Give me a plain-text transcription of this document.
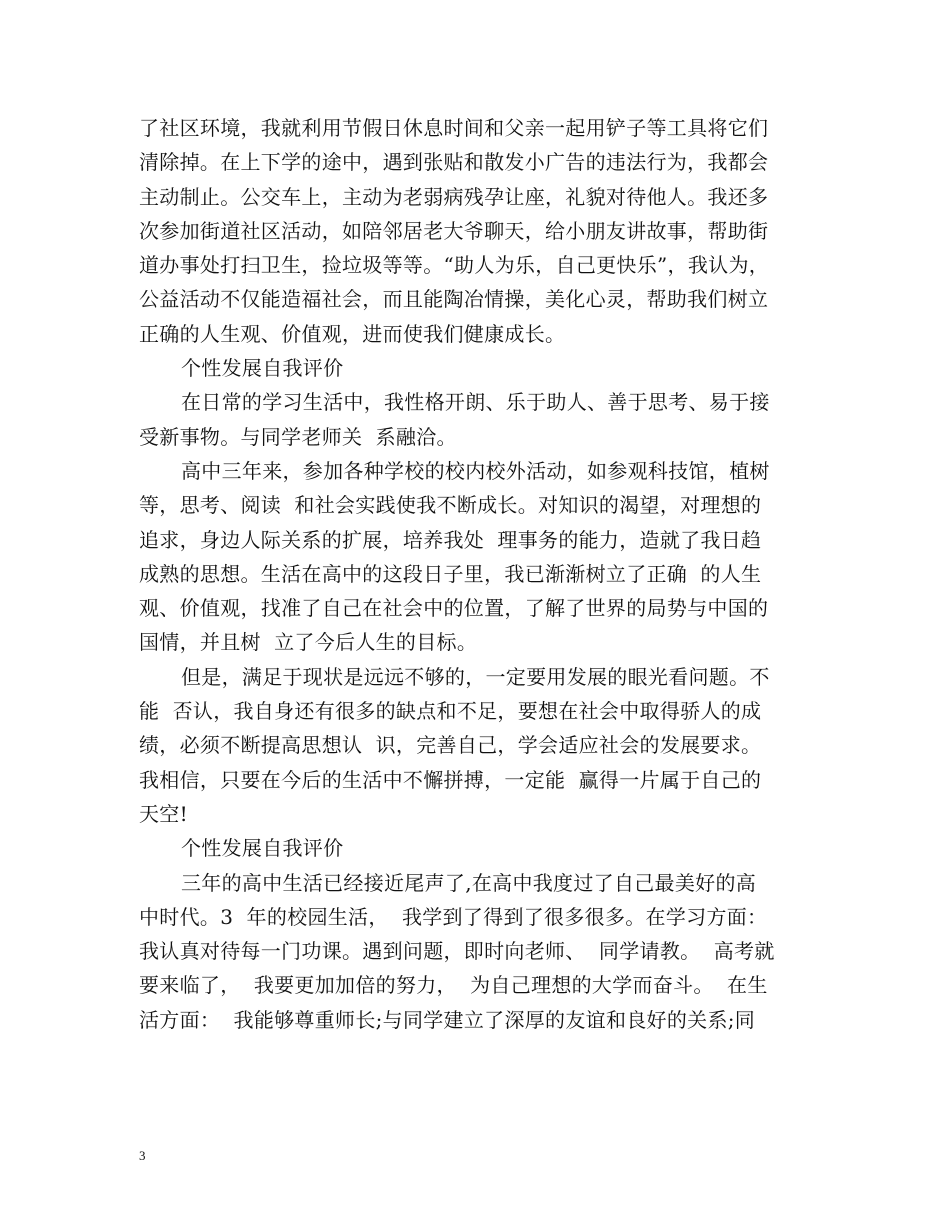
了社区环境，我就利用节假日休息时间和父亲一起用铲子等工具将它们
清除掉。在上下学的途中，遇到张贴和散发小广告的违法行为，我都会
主动制止。公交车上，主动为老弱病残孕让座，礼貌对待他人。我还多
次参加街道社区活动，如陪邻居老大爷聊天，给小朋友讲故事，帮助街
道办事处打扫卫生，捡垃圾等等。“助人为乐，自己更快乐”，我认为，
公益活动不仅能造福社会，而且能陶冶情操，美化心灵，帮助我们树立
正确的人生观、价值观，进而使我们健康成长。
个性发展自我评价
在日常的学习生活中，我性格开朗、乐于助人、善于思考、易于接
受新事物。与同学老师关  系融洽。
高中三年来，参加各种学校的校内校外活动，如参观科技馆，植树
等，思考、阅读  和社会实践使我不断成长。对知识的渴望，对理想的
追求，身边人际关系的扩展，培养我处  理事务的能力，造就了我日趋
成熟的思想。生活在高中的这段日子里，我已渐渐树立了正确  的人生
观、价值观，找准了自己在社会中的位置，了解了世界的局势与中国的
国情，并且树  立了今后人生的目标。
但是，满足于现状是远远不够的，一定要用发展的眼光看问题。不
能  否认，我自身还有很多的缺点和不足，要想在社会中取得骄人的成
绩，必须不断提高思想认  识，完善自己，学会适应社会的发展要求。
我相信，只要在今后的生活中不懈拼搏，一定能  赢得一片属于自己的
天空!
个性发展自我评价
三年的高中生活已经接近尾声了,在高中我度过了自己最美好的高
中时代。3  年的校园生活，  我学到了得到了很多很多。在学习方面：
我认真对待每一门功课。遇到问题，即时向老师、  同学请教。  高考就
要来临了，  我要更加加倍的努力，  为自己理想的大学而奋斗。  在生
活方面：  我能够尊重师长;与同学建立了深厚的友谊和良好的关系;同
3
